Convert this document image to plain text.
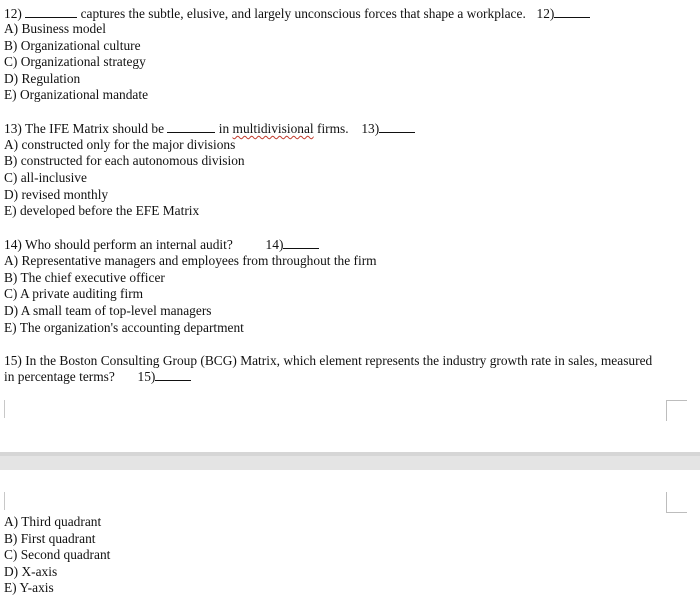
12)	captures the subtle, elusive, and largely unconscious forces that shape a workplace. 12)
A) Business model
B) Organizational culture
C) Organizational strategy
D) Regulation
E) Organizational mandate
13) The IFE Matrix should be	in multidivisional firms. 13)
A) constructed only for the major divisions
B) constructed for each autonomous division
C) all-inclusive
D) revised monthly
E) developed before the EFE Matrix
14) Who should perform an internal audit? 14)
A) Representative managers and employees from throughout the firm
B) The chief executive officer
C) A private auditing firm
D) A small team of top-level managers
E) The organization's accounting department
15) In the Boston Consulting Group (BCG) Matrix, which element represents the industry growth rate in sales, measured
in percentage terms? 15)
A) Third quadrant
B) First quadrant
C) Second quadrant
D) X-axis
E) Y-axis
